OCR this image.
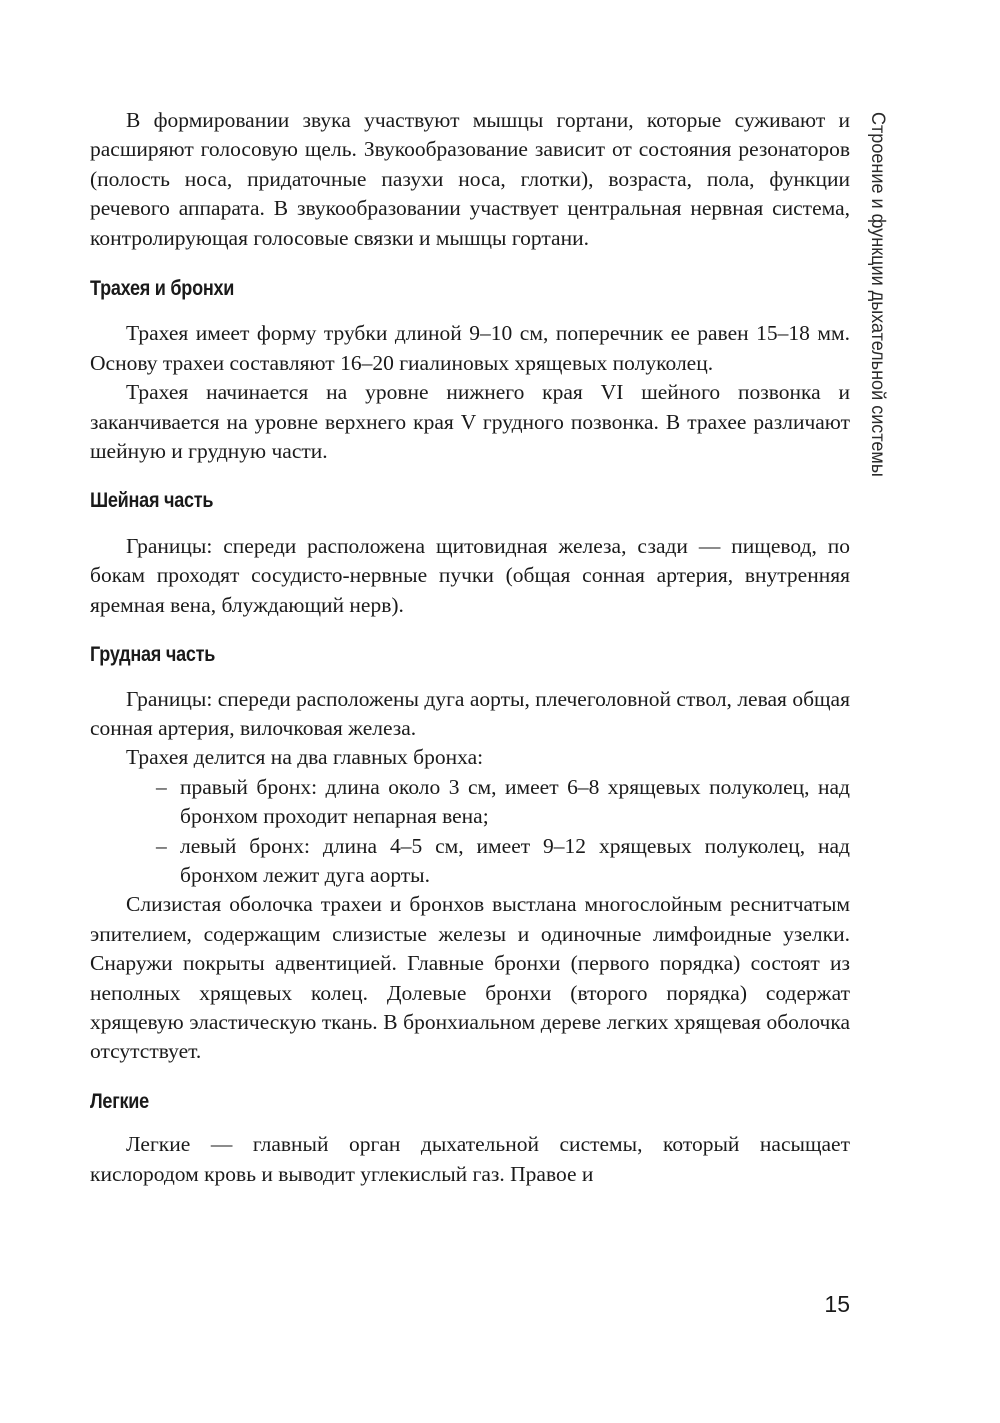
Строение и функции дыхательной системы

В формировании звука участвуют мышцы гортани, которые суживают и расширяют голосовую щель. Звукообразование зависит от состояния резонаторов (полость носа, придаточные пазухи носа, глотки), возраста, пола, функции речевого аппарата. В звукообразовании участвует центральная нервная система, контролирующая голосовые связки и мышцы гортани.

Трахея и бронхи

Трахея имеет форму трубки длиной 9–10 см, поперечник ее равен 15–18 мм. Основу трахеи составляют 16–20 гиалиновых хрящевых полуколец.

Трахея начинается на уровне нижнего края VI шейного позвонка и заканчивается на уровне верхнего края V грудного позвонка. В трахее различают шейную и грудную части.

Шейная часть

Границы: спереди расположена щитовидная железа, сзади — пищевод, по бокам проходят сосудисто-нервные пучки (общая сонная артерия, внутренняя яремная вена, блуждающий нерв).

Грудная часть

Границы: спереди расположены дуга аорты, плечеголовной ствол, левая общая сонная артерия, вилочковая железа.

Трахея делится на два главных бронха:

– правый бронх: длина около 3 см, имеет 6–8 хрящевых полуколец, над бронхом проходит непарная вена;
– левый бронх: длина 4–5 см, имеет 9–12 хрящевых полуколец, над бронхом лежит дуга аорты.

Слизистая оболочка трахеи и бронхов выстлана многослойным реснитчатым эпителием, содержащим слизистые железы и одиночные лимфоидные узелки. Снаружи покрыты адвентицией. Главные бронхи (первого порядка) состоят из неполных хрящевых колец. Долевые бронхи (второго порядка) содержат хрящевую эластическую ткань. В бронхиальном дереве легких хрящевая оболочка отсутствует.

Легкие

Легкие — главный орган дыхательной системы, который насыщает кислородом кровь и выводит углекислый газ. Правое и

15
